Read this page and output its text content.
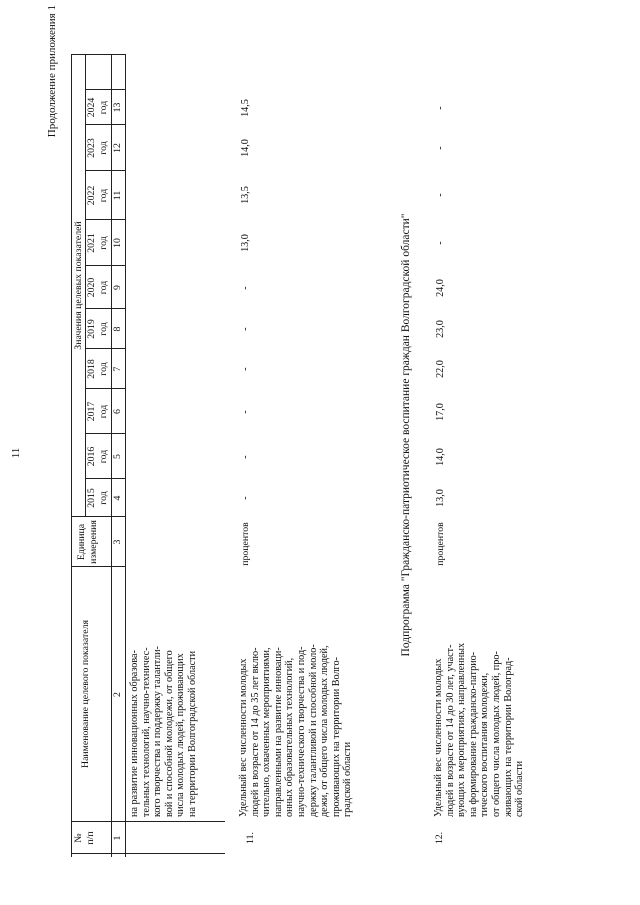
11
Продолжение приложения 1
№
п/п
Наименование целевого показателя
Единица
измерения
Значения целевых показателей
2015
год
2016
год
2017
год
2018
год
2019
год
2020
год
2021
год
2022
год
2023
год
2024
год
1
2
3
4
5
6
7
8
9
10
11
12
13
на развитие инновационных образова-
тельных технологий, научно-техничес-
кого творчества и поддержку талантли-
вой и способной молодежи, от общего
числа молодых людей, проживающих
на территории Волгоградской области
11.
Удельный вес численности молодых
людей в возрасте от 14 до 35 лет вклю-
чительно, охваченных мероприятиями,
направленными на развитие инноваци-
онных образовательных технологий,
научно-технического творчества и под-
держку талантливой и способной моло-
дежи, от общего числа молодых людей,
проживающих на территории Волго-
градской области
процентов
-
-
-
-
-
-
13,0
13,5
14,0
14,5
Подпрограмма "Гражданско-патриотическое воспитание граждан Волгоградской области"
12.
Удельный вес численности молодых
людей в возрасте от 14 до 30 лет, участ-
вующих в мероприятиях, направленных
на формирование гражданско-патрио-
тического воспитания молодежи,
от общего числа молодых людей, про-
живающих на территории Волоград-
ской области
процентов
13,0
14,0
17,0
22,0
23,0
24,0
-
-
-
-
